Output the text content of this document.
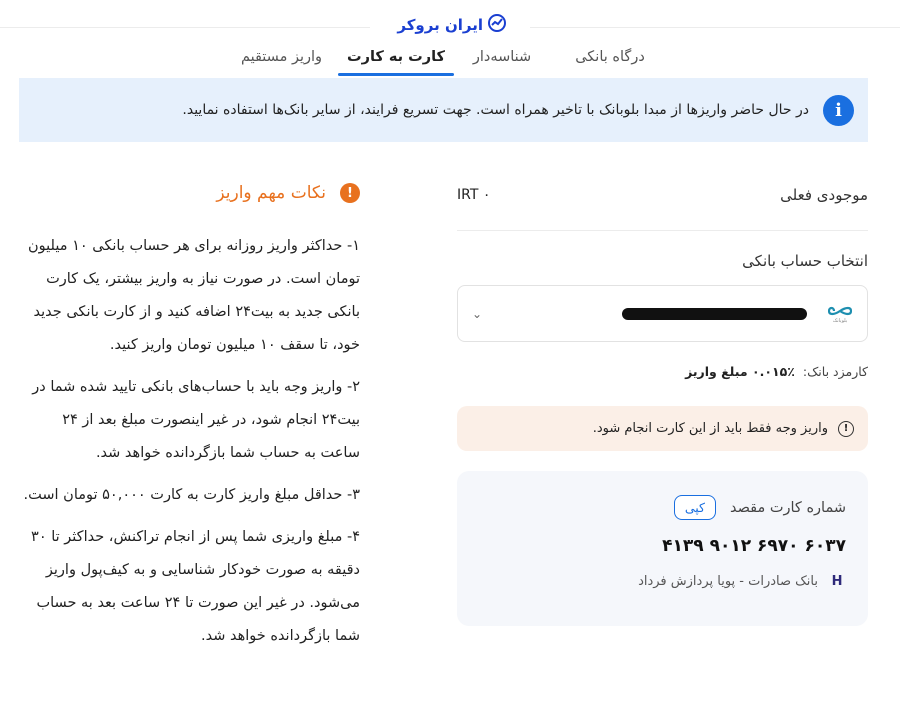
ایران بروکر
درگاه بانکی
شناسه‌دار
کارت به کارت
واریز مستقیم
i
در حال حاضر واریزها از مبدا بلوبانک با تاخیر همراه است. جهت تسریع فرایند، از سایر بانک‌ها استفاده نمایید.
موجودی فعلی
IRT ۰
انتخاب حساب بانکی
بلوبانک
⌄
کارمزد بانک:
۰.۰۱۵٪ مبلغ واریز
!
واریز وجه فقط باید از این کارت انجام شود.
شماره کارت مقصد
کپی
۶۰۳۷ ۶۹۷۰ ۹۰۱۲ ۴۱۳۹
H
بانک صادرات - پویا پردازش فرداد
!
نکات مهم واریز

۱- حداکثر واریز روزانه برای هر حساب بانکی ۱۰ میلیون تومان است. در صورت نیاز به واریز بیشتر، یک کارت بانکی جدید به بیت۲۴ اضافه کنید و از کارت بانکی جدید خود، تا سقف ۱۰ میلیون تومان واریز کنید.

۲- واریز وجه باید با حساب‌های بانکی تایید شده شما در بیت۲۴ انجام شود، در غیر اینصورت مبلغ بعد از ۲۴ ساعت به حساب شما بازگردانده خواهد شد.

۳- حداقل مبلغ واریز کارت به کارت ۵۰,۰۰۰ تومان است.

۴- مبلغ واریزی شما پس از انجام تراکنش، حداکثر تا ۳۰ دقیقه به صورت خودکار شناسایی و به کیف‌پول واریز می‌شود. در غیر این صورت تا ۲۴ ساعت بعد به حساب شما بازگردانده خواهد شد.
